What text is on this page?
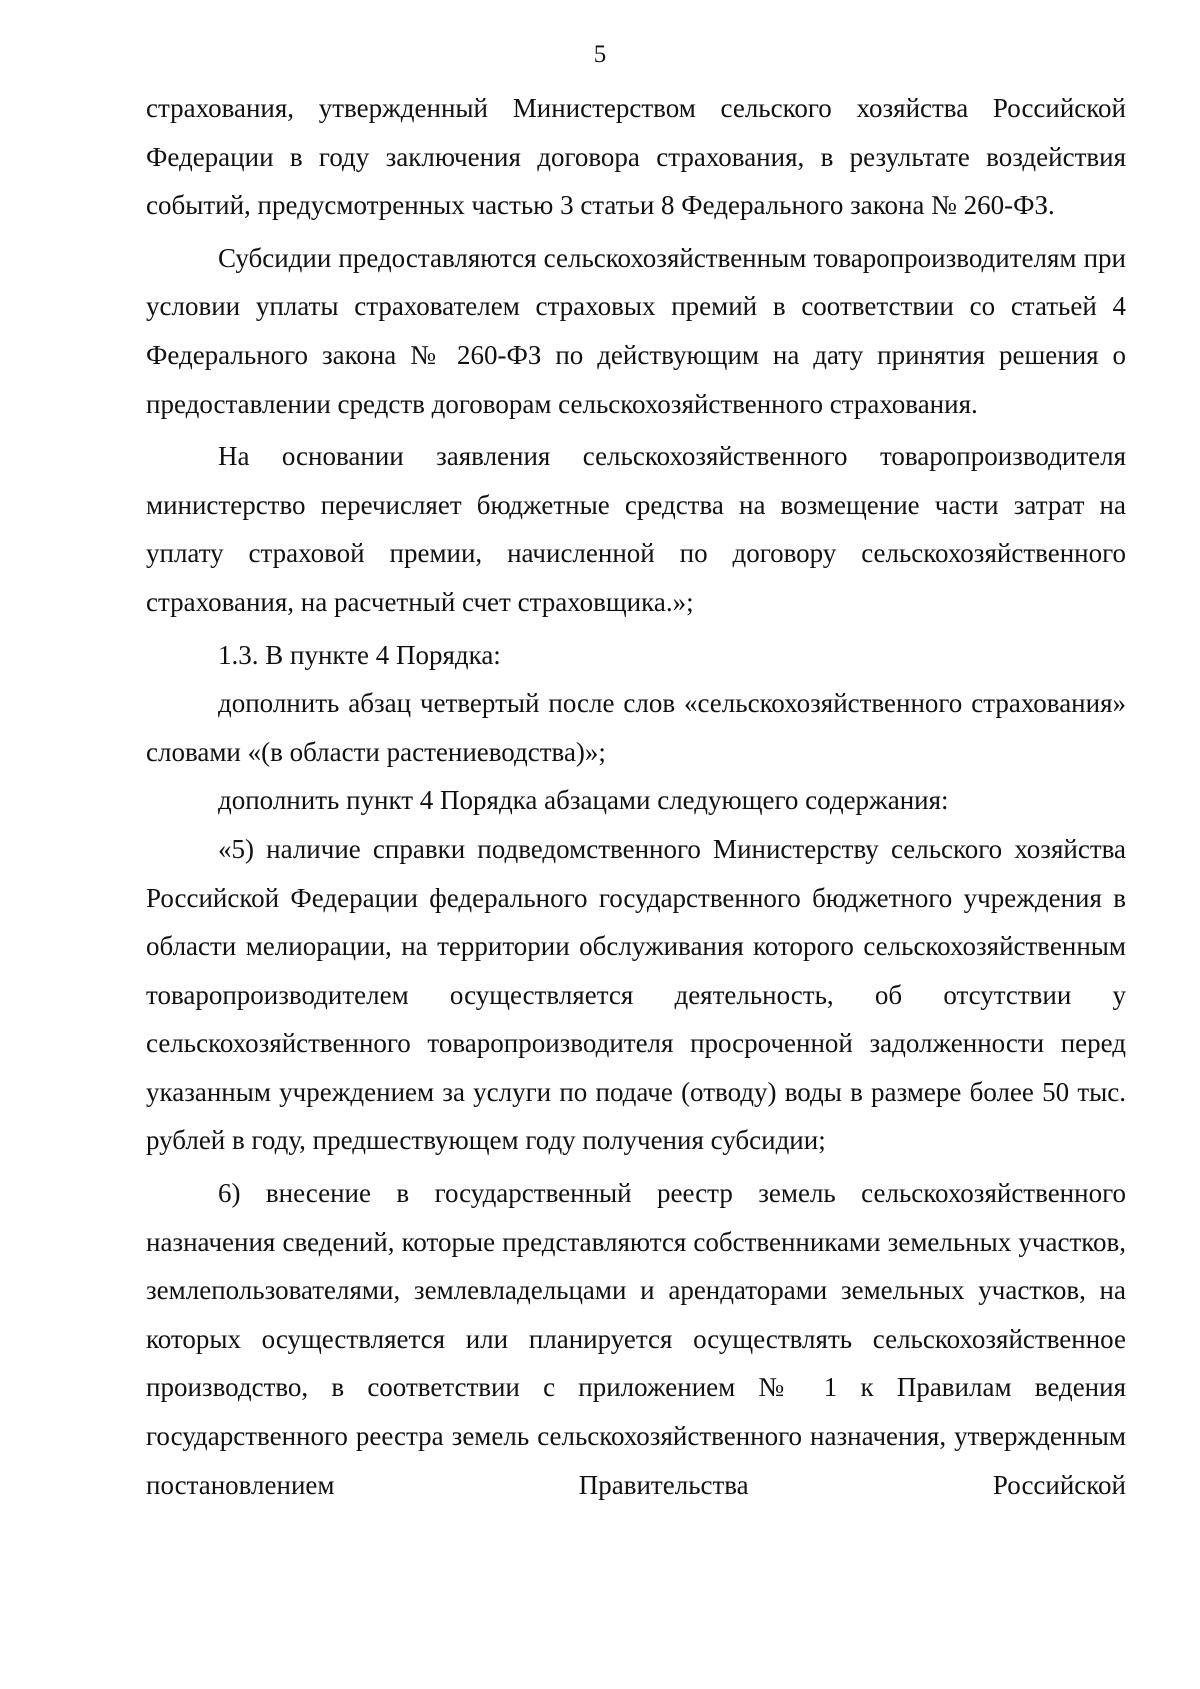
5

страхования, утвержденный Министерством сельского хозяйства Российской Федерации в году заключения договора страхования, в результате воздействия событий, предусмотренных частью 3 статьи 8 Федерального закона № 260-ФЗ.

Субсидии предоставляются сельскохозяйственным товаропроизводителям при условии уплаты страхователем страховых премий в соответствии со статьей 4 Федерального закона № 260-ФЗ по действующим на дату принятия решения о предоставлении средств договорам сельскохозяйственного страхования.

На основании заявления сельскохозяйственного товаропроизводителя министерство перечисляет бюджетные средства на возмещение части затрат на уплату страховой премии, начисленной по договору сельскохозяйственного страхования, на расчетный счет страховщика.»;

1.3. В пункте 4 Порядка:

дополнить абзац четвертый после слов «сельскохозяйственного страхования» словами «(в области растениеводства)»;

дополнить пункт 4 Порядка абзацами следующего содержания:

«5) наличие справки подведомственного Министерству сельского хозяйства Российской Федерации федерального государственного бюджетного учреждения в области мелиорации, на территории обслуживания которого сельскохозяйственным товаропроизводителем осуществляется деятельность, об отсутствии у сельскохозяйственного товаропроизводителя просроченной задолженности перед указанным учреждением за услуги по подаче (отводу) воды в размере более 50 тыс. рублей в году, предшествующем году получения субсидии;

6) внесение в государственный реестр земель сельскохозяйственного назначения сведений, которые представляются собственниками земельных участков, землепользователями, землевладельцами и арендаторами земельных участков, на которых осуществляется или планируется осуществлять сельскохозяйственное производство, в соответствии с приложением № 1 к Правилам ведения государственного реестра земель сельскохозяйственного назначения, утвержденным постановлением Правительства Российской
